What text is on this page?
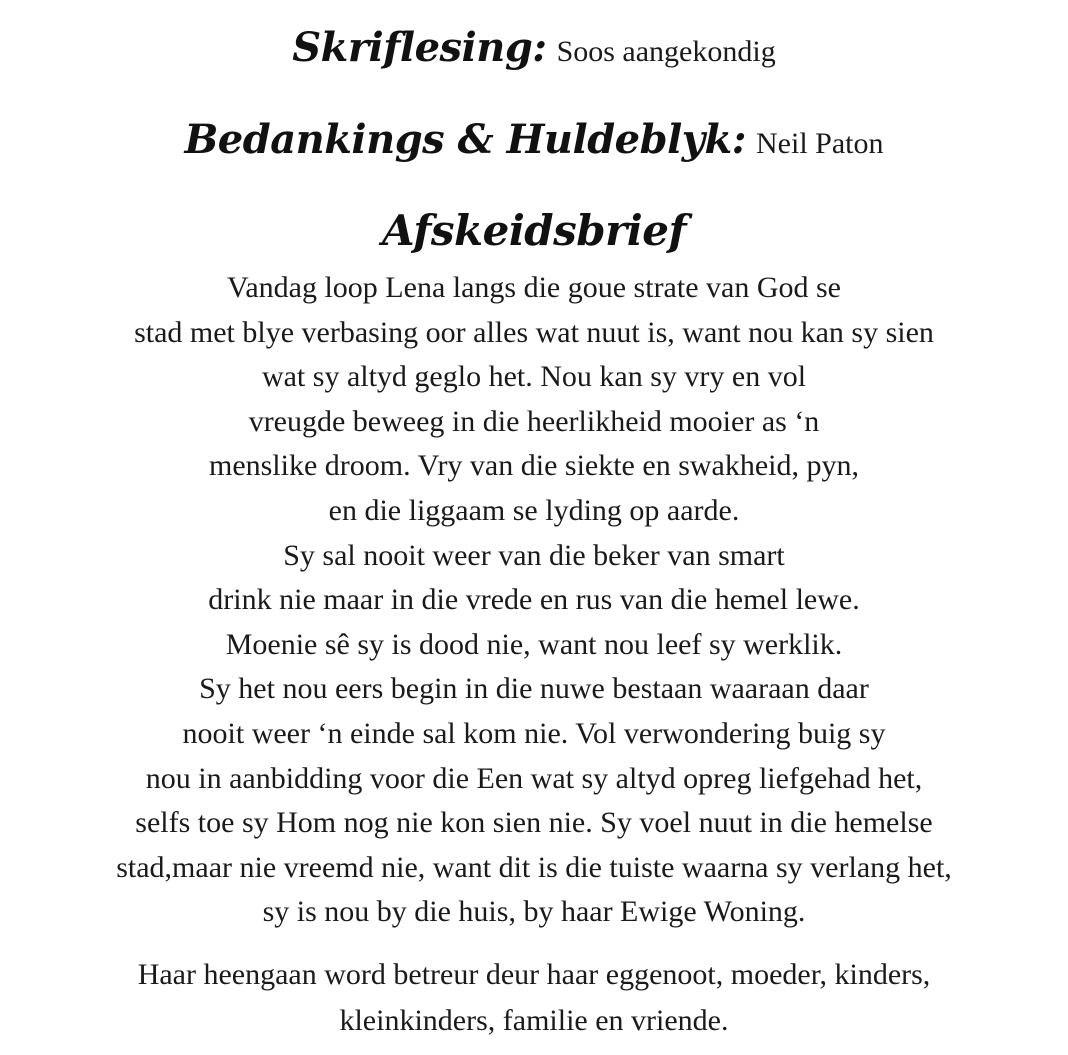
Skriflesing: Soos aangekondig
Bedankings & Huldeblyk: Neil Paton
Afskeidsbrief
Vandag loop Lena langs die goue strate van God se
stad met blye verbasing oor alles wat nuut is, want nou kan sy sien
wat sy altyd geglo het. Nou kan sy vry en vol
vreugde beweeg in die heerlikheid mooier as ‘n
menslike droom. Vry van die siekte en swakheid, pyn,
en die liggaam se lyding op aarde.
Sy sal nooit weer van die beker van smart
drink nie maar in die vrede en rus van die hemel lewe.
Moenie sê sy is dood nie, want nou leef sy werklik.
Sy het nou eers begin in die nuwe bestaan waaraan daar
nooit weer ‘n einde sal kom nie. Vol verwondering buig sy
nou in aanbidding voor die Een wat sy altyd opreg liefgehad het,
selfs toe sy Hom nog nie kon sien nie. Sy voel nuut in die hemelse
stad,maar nie vreemd nie, want dit is die tuiste waarna sy verlang het,
sy is nou by die huis, by haar Ewige Woning.
Haar heengaan word betreur deur haar eggenoot, moeder, kinders,
kleinkinders, familie en vriende.
